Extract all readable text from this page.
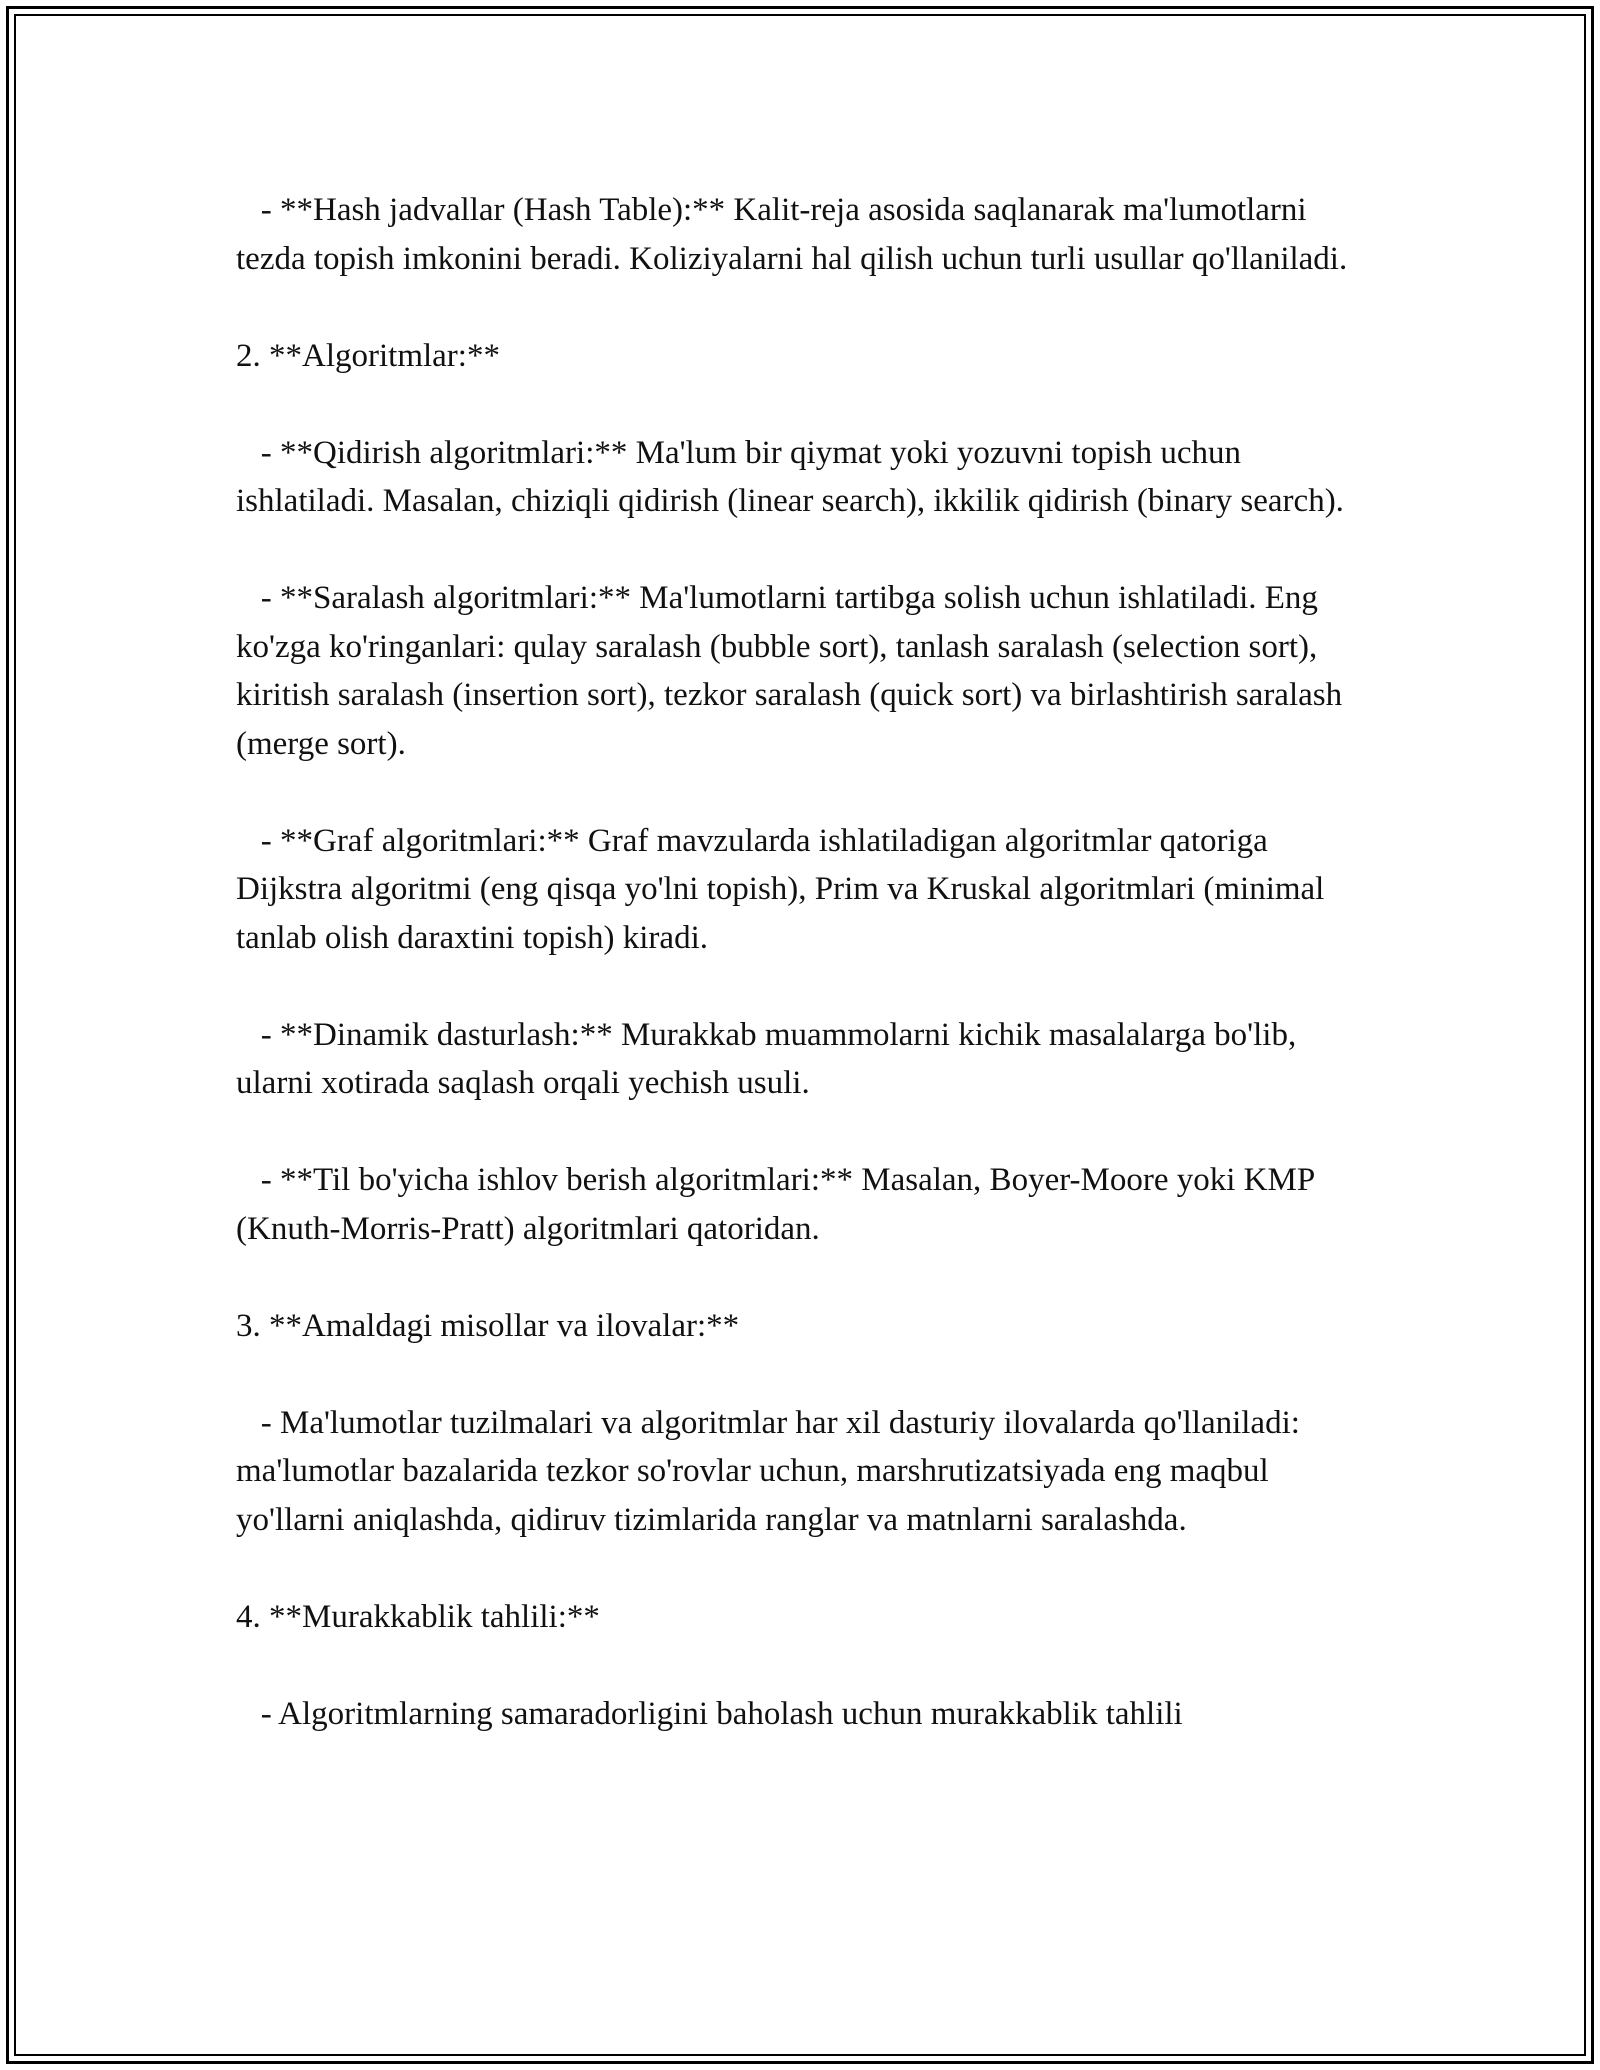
- **Hash jadvallar (Hash Table):** Kalit-reja asosida saqlanarak ma'lumotlarni tezda topish imkonini beradi. Koliziyalarni hal qilish uchun turli usullar qo'llaniladi.

2. **Algoritmlar:**

- **Qidirish algoritmlari:** Ma'lum bir qiymat yoki yozuvni topish uchun ishlatiladi. Masalan, chiziqli qidirish (linear search), ikkilik qidirish (binary search).

- **Saralash algoritmlari:** Ma'lumotlarni tartibga solish uchun ishlatiladi. Eng ko'zga ko'ringanlari: qulay saralash (bubble sort), tanlash saralash (selection sort), kiritish saralash (insertion sort), tezkor saralash (quick sort) va birlashtirish saralash (merge sort).

- **Graf algoritmlari:** Graf mavzularda ishlatiladigan algoritmlar qatoriga Dijkstra algoritmi (eng qisqa yo'lni topish), Prim va Kruskal algoritmlari (minimal tanlab olish daraxtini topish) kiradi.

- **Dinamik dasturlash:** Murakkab muammolarni kichik masalalarga bo'lib, ularni xotirada saqlash orqali yechish usuli.

- **Til bo'yicha ishlov berish algoritmlari:** Masalan, Boyer-Moore yoki KMP (Knuth-Morris-Pratt) algoritmlari qatoridan.

3. **Amaldagi misollar va ilovalar:**

- Ma'lumotlar tuzilmalari va algoritmlar har xil dasturiy ilovalarda qo'llaniladi: ma'lumotlar bazalarida tezkor so'rovlar uchun, marshrutizatsiyada eng maqbul yo'llarni aniqlashda, qidiruv tizimlarida ranglar va matnlarni saralashda.

4. **Murakkablik tahlili:**

- Algoritmlarning samaradorligini baholash uchun murakkablik tahlili
